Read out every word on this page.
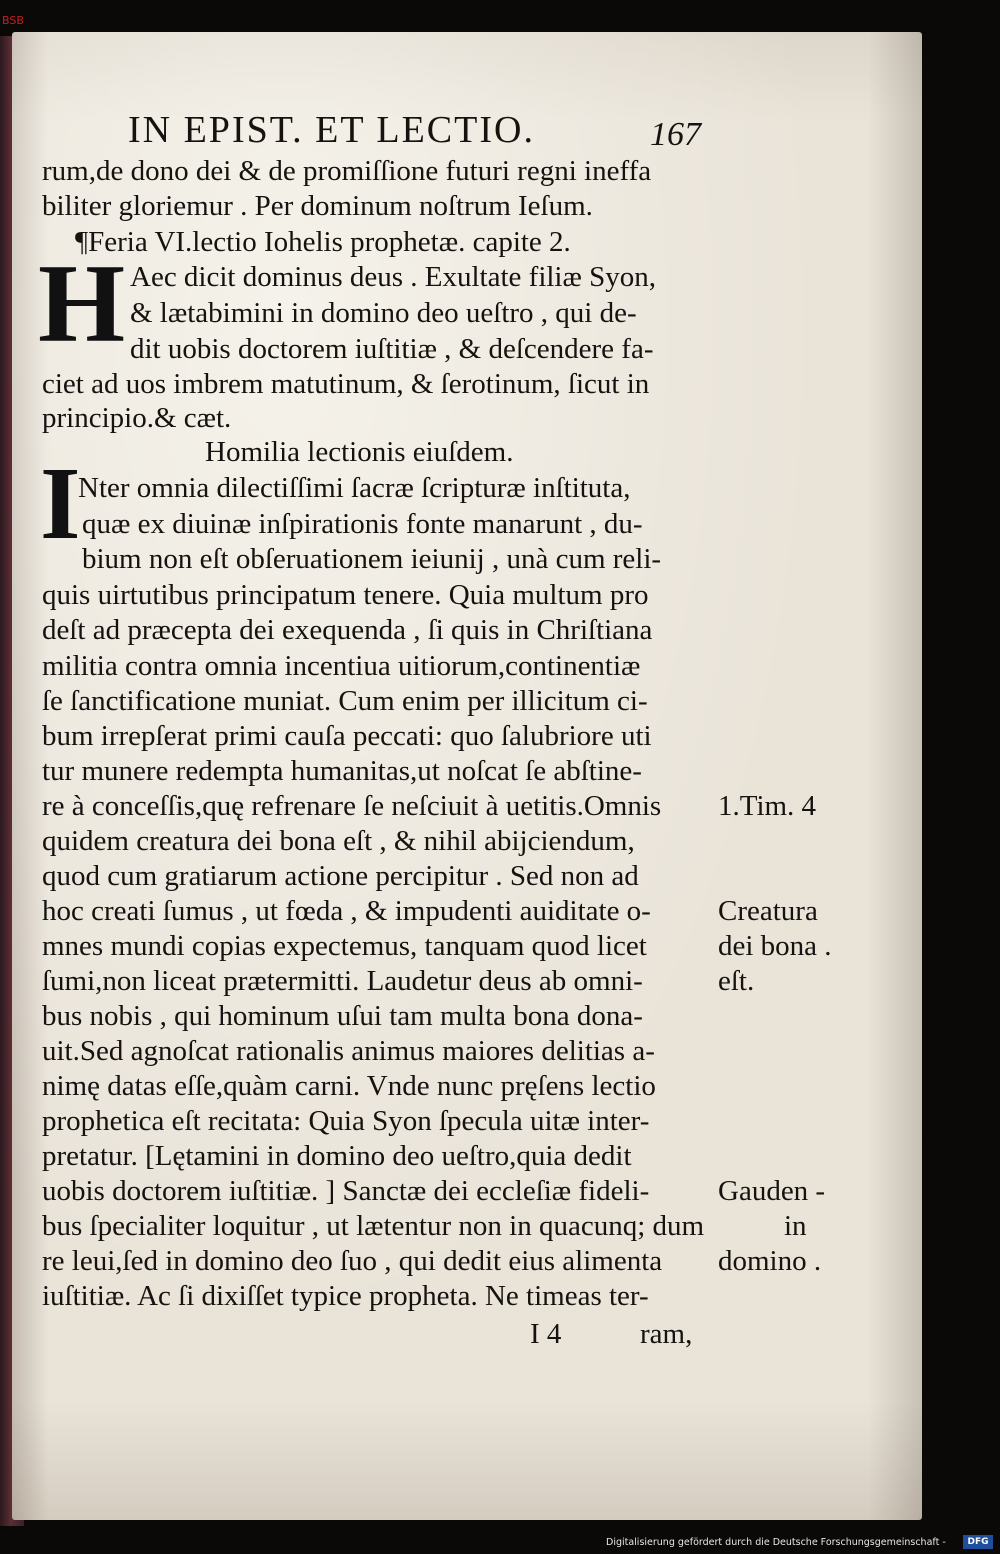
BSB
IN EPIST. ET LECTIO.	167
H
I
rum,de dono dei & de promiſſione futuri regni ineffa
biliter gloriemur . Per dominum noſtrum Ieſum.
¶Feria VI.lectio Iohelis prophetæ. capite 2.
Aec dicit dominus deus . Exultate filiæ Syon,
& lætabimini in domino deo ueſtro , qui de-
dit uobis doctorem iuſtitiæ , & deſcendere fa-
ciet ad uos imbrem matutinum, & ſerotinum, ſicut in
principio.& cæt.
Homilia lectionis eiuſdem.
Nter omnia dilectiſſimi ſacræ ſcripturæ inſtituta,
quæ ex diuinæ inſpirationis fonte manarunt , du-
bium non eſt obſeruationem ieiunij , unà cum reli-
quis uirtutibus principatum tenere. Quia multum pro
deſt ad præcepta dei exequenda , ſi quis in Chriſtiana
militia contra omnia incentiua uitiorum,continentiæ
ſe ſanctificatione muniat. Cum enim per illicitum ci-
bum irrepſerat primi cauſa peccati: quo ſalubriore uti
tur munere redempta humanitas,ut noſcat ſe abſtine-
re à conceſſis,quę refrenare ſe neſciuit à uetitis.Omnis
quidem creatura dei bona eſt , & nihil abijciendum,
quod cum gratiarum actione percipitur . Sed non ad
hoc creati ſumus , ut fœda , & impudenti auiditate o-
mnes mundi copias expectemus, tanquam quod licet
ſumi,non liceat prætermitti. Laudetur deus ab omni-
bus nobis , qui hominum uſui tam multa bona dona-
uit.Sed agnoſcat rationalis animus maiores delitias a-
nimę datas eſſe,quàm carni. Vnde nunc pręſens lectio
prophetica eſt recitata: Quia Syon ſpecula uitæ inter-
pretatur. [Lętamini in domino deo ueſtro,quia dedit
uobis doctorem iuſtitiæ. ] Sanctæ dei eccleſiæ fideli-
bus ſpecialiter loquitur , ut lætentur non in quacunq; dum
re leui,ſed in domino deo ſuo , qui dedit eius alimenta
iuſtitiæ. Ac ſi dixiſſet typice propheta. Ne timeas ter-
I 4	ram,
1.Tim. 4
Creatura
dei bona .
eſt.
Gauden -
in
domino .
Digitalisierung gefördert durch die Deutsche Forschungsgemeinschaft -	DFG
